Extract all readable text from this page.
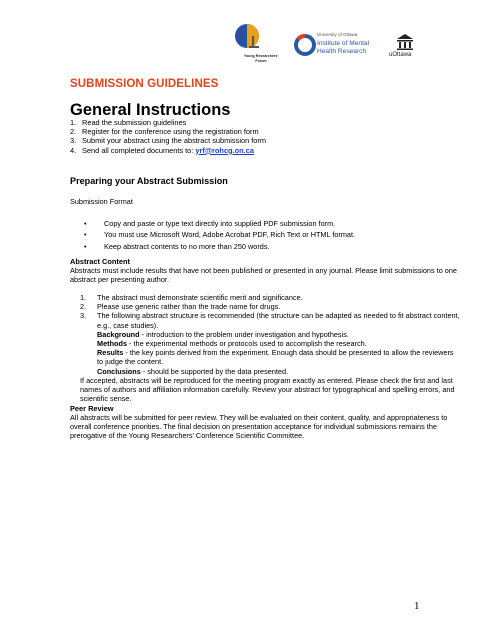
Young Researchers' Forum
University of Ottawa
Institute of Mental
Health Research	uOttawa
SUBMISSION GUIDELINES
General Instructions
1. Read the submission guidelines
2. Register for the conference using the registration form
3. Submit your abstract using the abstract submission form
4. Send all completed documents to: yrf@rohcg.on.ca
Preparing your Abstract Submission
Submission Format
• Copy and paste or type text directly into supplied PDF submission form.
• You must use Microsoft Word, Adobe Acrobat PDF, Rich Text or HTML format.
• Keep abstract contents to no more than 250 words.
Abstract Content
Abstracts must include results that have not been published or presented in any journal. Please limit submissions to one abstract per presenting author.
1. The abstract must demonstrate scientific merit and significance.
2. Please use generic rather than the trade name for drugs.
3. The following abstract structure is recommended (the structure can be adapted as needed to fit abstract content, e.g., case studies).
Background - introduction to the problem under investigation and hypothesis.
Methods - the experimental methods or protocols used to accomplish the research.
Results - the key points derived from the experiment. Enough data should be presented to allow the reviewers to judge the content.
Conclusions - should be supported by the data presented.
If accepted, abstracts will be reproduced for the meeting program exactly as entered. Please check the first and last names of authors and affiliation information carefully. Review your abstract for typographical and spelling errors, and scientific sense.
Peer Review
All abstracts will be submitted for peer review. They will be evaluated on their content, quality, and appropriateness to overall conference priorities. The final decision on presentation acceptance for individual submissions remains the prerogative of the Young Researchers' Conference Scientific Committee.
1
